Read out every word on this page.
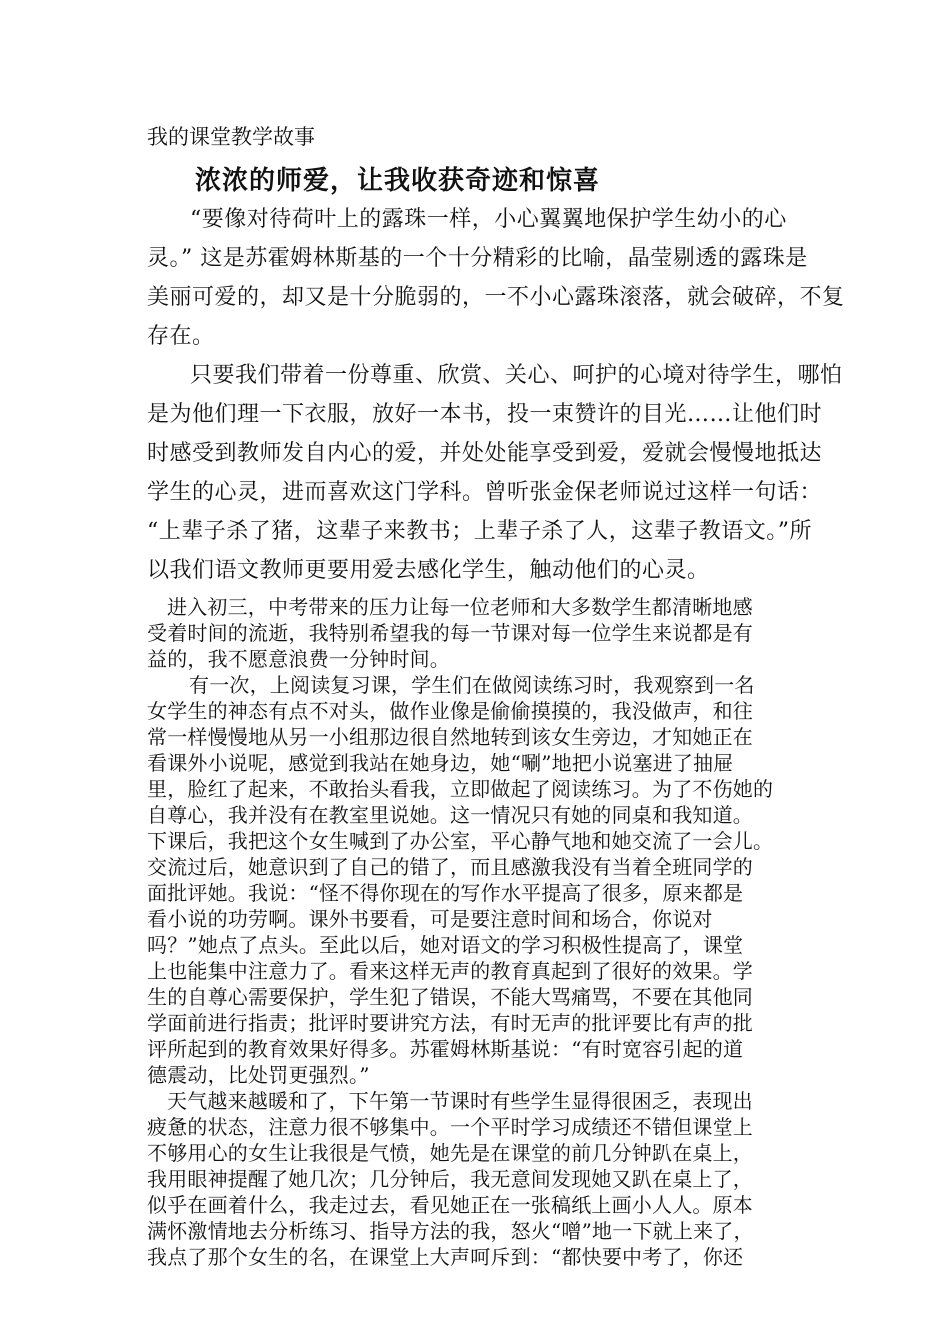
我的课堂教学故事

浓浓的师爱，让我收获奇迹和惊喜

“要像对待荷叶上的露珠一样，小心翼翼地保护学生幼小的心

灵。” 这是苏霍姆林斯基的一个十分精彩的比喻，晶莹剔透的露珠是

美丽可爱的，却又是十分脆弱的，一不小心露珠滚落，就会破碎，不复

存在。

只要我们带着一份尊重、欣赏、关心、呵护的心境对待学生，哪怕

是为他们理一下衣服，放好一本书，投一束赞许的目光……让他们时

时感受到教师发自内心的爱，并处处能享受到爱，爱就会慢慢地抵达

学生的心灵，进而喜欢这门学科。曾听张金保老师说过这样一句话：

“上辈子杀了猪，这辈子来教书；上辈子杀了人，这辈子教语文。”所

以我们语文教师更要用爱去感化学生，触动他们的心灵。

进入初三，中考带来的压力让每一位老师和大多数学生都清晰地感

受着时间的流逝，我特别希望我的每一节课对每一位学生来说都是有

益的，我不愿意浪费一分钟时间。

有一次，上阅读复习课，学生们在做阅读练习时，我观察到一名

女学生的神态有点不对头，做作业像是偷偷摸摸的，我没做声，和往

常一样慢慢地从另一小组那边很自然地转到该女生旁边，才知她正在

看课外小说呢，感觉到我站在她身边，她“唰”地把小说塞进了抽屉

里，脸红了起来，不敢抬头看我，立即做起了阅读练习。为了不伤她的

自尊心，我并没有在教室里说她。这一情况只有她的同桌和我知道。

下课后，我把这个女生喊到了办公室，平心静气地和她交流了一会儿。

交流过后，她意识到了自己的错了，而且感激我没有当着全班同学的

面批评她。我说：“怪不得你现在的写作水平提高了很多，原来都是

看小说的功劳啊。课外书要看，可是要注意时间和场合，你说对

吗？”她点了点头。至此以后，她对语文的学习积极性提高了，课堂

上也能集中注意力了。看来这样无声的教育真起到了很好的效果。学

生的自尊心需要保护，学生犯了错误，不能大骂痛骂，不要在其他同

学面前进行指责；批评时要讲究方法，有时无声的批评要比有声的批

评所起到的教育效果好得多。苏霍姆林斯基说：“有时宽容引起的道

德震动，比处罚更强烈。”

天气越来越暖和了，下午第一节课时有些学生显得很困乏，表现出

疲惫的状态，注意力很不够集中。一个平时学习成绩还不错但课堂上

不够用心的女生让我很是气愤，她先是在课堂的前几分钟趴在桌上，

我用眼神提醒了她几次；几分钟后，我无意间发现她又趴在桌上了，

似乎在画着什么，我走过去，看见她正在一张稿纸上画小人人。原本

满怀激情地去分析练习、指导方法的我，怒火“噌”地一下就上来了，

我点了那个女生的名，在课堂上大声呵斥到：“都快要中考了，你还
